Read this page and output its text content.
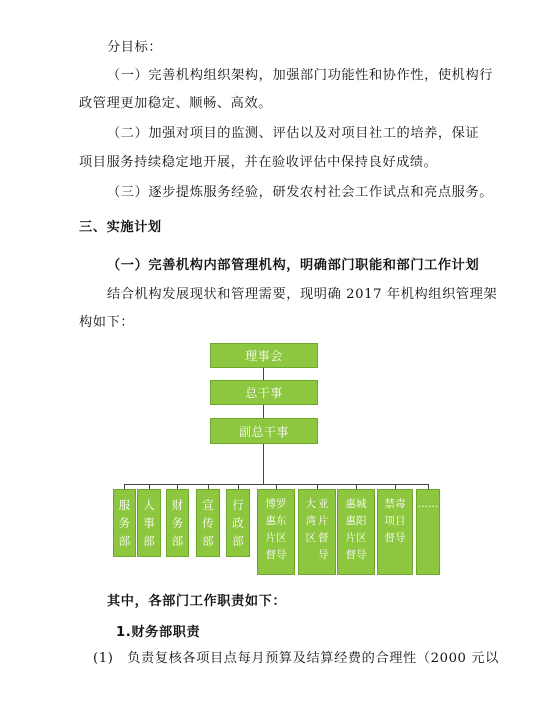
分目标：
（一）完善机构组织架构，加强部门功能性和协作性，使机构行
政管理更加稳定、顺畅、高效。
（二）加强对项目的监测、评估以及对项目社工的培养，保证
项目服务持续稳定地开展，并在验收评估中保持良好成绩。
（三）逐步提炼服务经验，研发农村社会工作试点和亮点服务。
三、实施计划
（一）完善机构内部管理机构，明确部门职能和部门工作计划
结合机构发展现状和管理需要，现明确 2017 年机构组织管理架
构如下：
理事会
总干事
副总干事
服
务
部
人
事
部
财
务
部
宣
传
部
行
政
部
博罗
惠东
片区
督导
大
湾
区
亚
片
督
导
惠城
惠阳
片区
督导
禁毒
项目
督导
……
其中，各部门工作职责如下：
1.财务部职责
(1)　负责复核各项目点每月预算及结算经费的合理性（2000 元以
